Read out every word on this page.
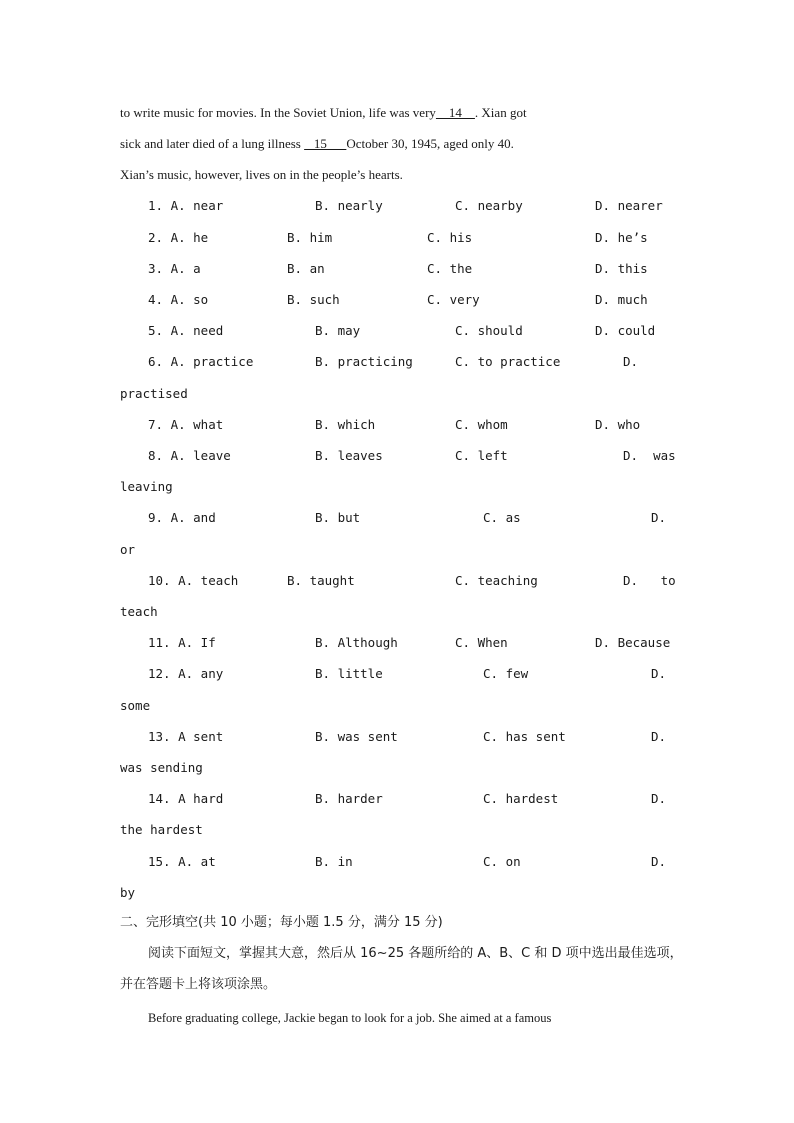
to write music for movies. In the Soviet Union, life was very    14    . Xian got
sick and later died of a lung illness    15      October 30, 1945, aged only 40.
Xian’s music, however, lives on in the people’s hearts.
1. A. near	B. nearly	C. nearby	D. nearer
2. A. he	B. him	C. his	D. he’s
3. A. a	B. an	C. the	D. this
4. A. so	B. such	C. very	D. much
5. A. need	B. may	C. should	D. could
6. A. practice	B. practicing	C. to practice	D.
practised
7. A. what	B. which	C. whom	D. who
8. A. leave	B. leaves	C. left	D.  was
leaving
9. A. and	B. but	C. as	D.
or
10. A. teach	B. taught	C. teaching	D.   to
teach
11. A. If	B. Although	C. When	D. Because
12. A. any	B. little	C. few	D.
some
13. A sent	B. was sent	C. has sent	D.
was sending
14. A hard	B. harder	C. hardest	D.
the hardest
15. A. at	B. in	C. on	D.
by
二、完形填空(共 10 小题；每小题 1.5 分，满分 15 分)
阅读下面短文，掌握其大意，然后从 16~25 各题所给的 A、B、C 和 D 项中选出最佳选项，
并在答题卡上将该项涂黑。
Before graduating college, Jackie began to look for a job. She aimed at a famous
